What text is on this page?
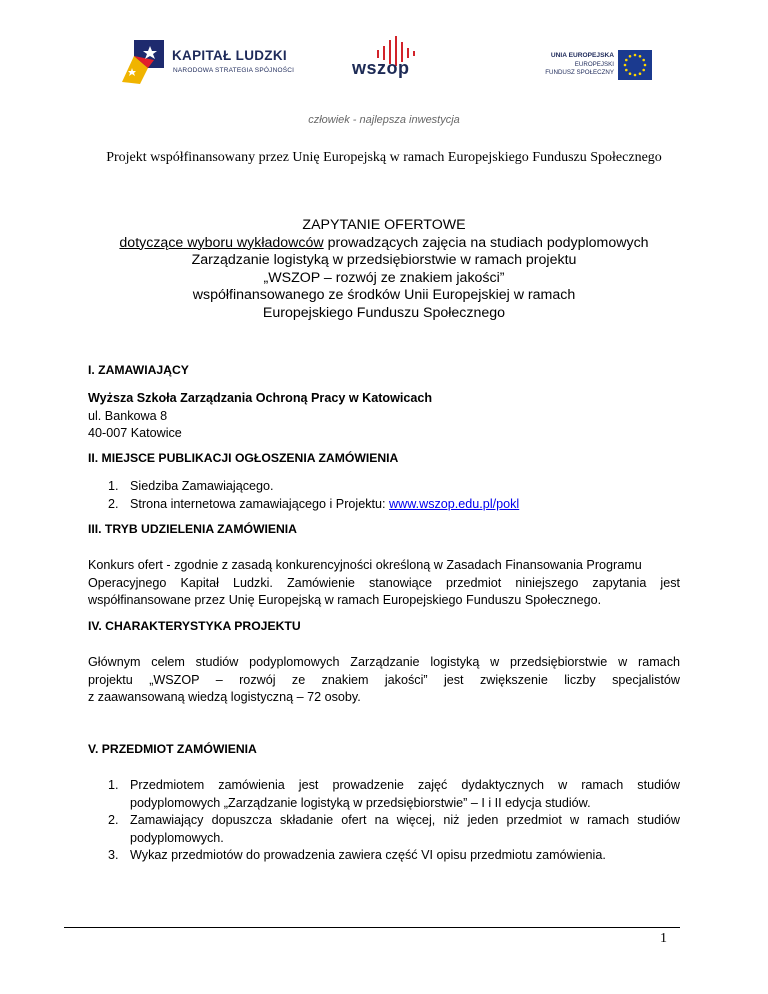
KAPITAŁ LUDZKI
NARODOWA STRATEGIA SPÓJNOŚCI	wszop
UNIA EUROPEJSKA
EUROPEJSKI
FUNDUSZ SPOŁECZNY
człowiek - najlepsza inwestycja
Projekt współfinansowany przez Unię Europejską w ramach Europejskiego Funduszu Społecznego
ZAPYTANIE OFERTOWE
dotyczące wyboru wykładowców prowadzących zajęcia na studiach podyplomowych
Zarządzanie logistyką w przedsiębiorstwie w ramach projektu
„WSZOP – rozwój ze znakiem jakości”
współfinansowanego ze środków Unii Europejskiej w ramach
Europejskiego Funduszu Społecznego
I. ZAMAWIAJĄCY
Wyższa Szkoła Zarządzania Ochroną Pracy w Katowicach
ul. Bankowa 8
40-007 Katowice
II. MIEJSCE PUBLIKACJI OGŁOSZENIA ZAMÓWIENIA
1. Siedziba Zamawiającego.
2. Strona internetowa zamawiającego i Projektu: www.wszop.edu.pl/pokl
III. TRYB UDZIELENIA ZAMÓWIENIA
Konkurs ofert - zgodnie z zasadą konkurencyjności określoną w Zasadach Finansowania Programu
Operacyjnego Kapitał Ludzki. Zamówienie stanowiące przedmiot niniejszego zapytania jest
współfinansowane przez Unię Europejską w ramach Europejskiego Funduszu Społecznego.
IV. CHARAKTERYSTYKA PROJEKTU
Głównym celem studiów podyplomowych Zarządzanie logistyką w przedsiębiorstwie w ramach
projektu „WSZOP – rozwój ze znakiem jakości” jest zwiększenie liczby specjalistów
z zaawansowaną wiedzą logistyczną – 72 osoby.
V. PRZEDMIOT ZAMÓWIENIA
1. Przedmiotem zamówienia jest prowadzenie zajęć dydaktycznych w ramach studiów
podyplomowych „Zarządzanie logistyką w przedsiębiorstwie” – I i II edycja studiów.
2. Zamawiający dopuszcza składanie ofert na więcej, niż jeden przedmiot w ramach studiów
podyplomowych.
3. Wykaz przedmiotów do prowadzenia zawiera część VI opisu przedmiotu zamówienia.
1
